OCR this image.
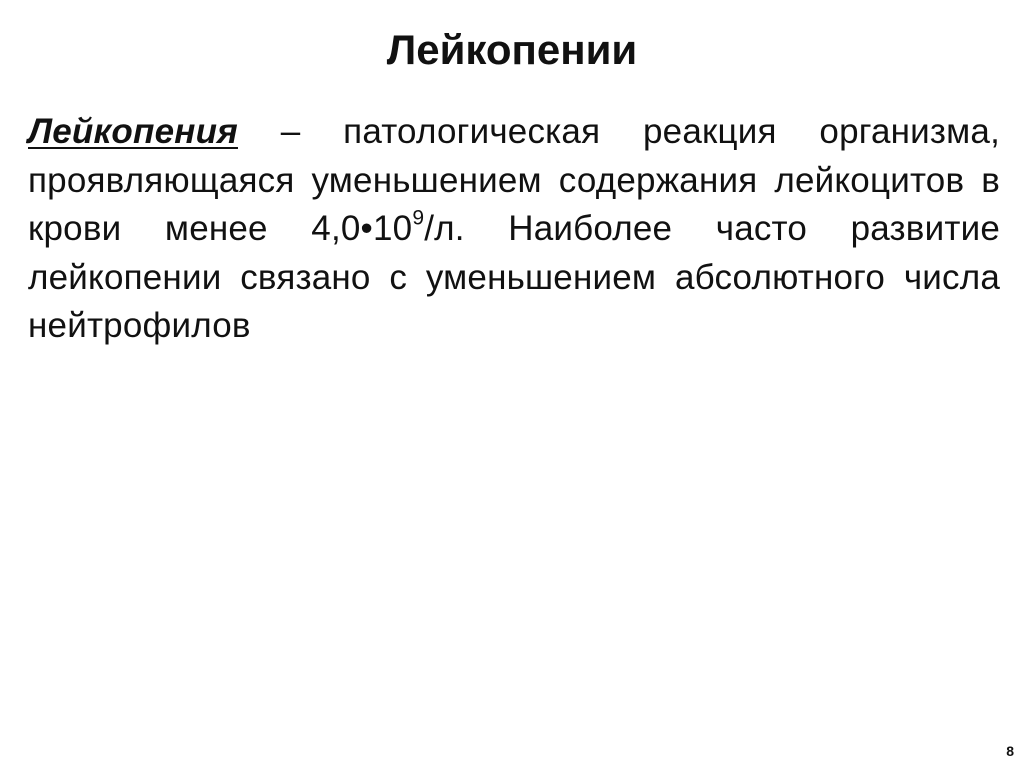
Лейкопении
Лейкопения – патологическая реакция организма, проявляющаяся уменьшением содержания лейкоцитов в крови менее $4,0•10^9/л$. Наиболее часто развитие лейкопении связано с уменьшением абсолютного числа нейтрофилов
8
